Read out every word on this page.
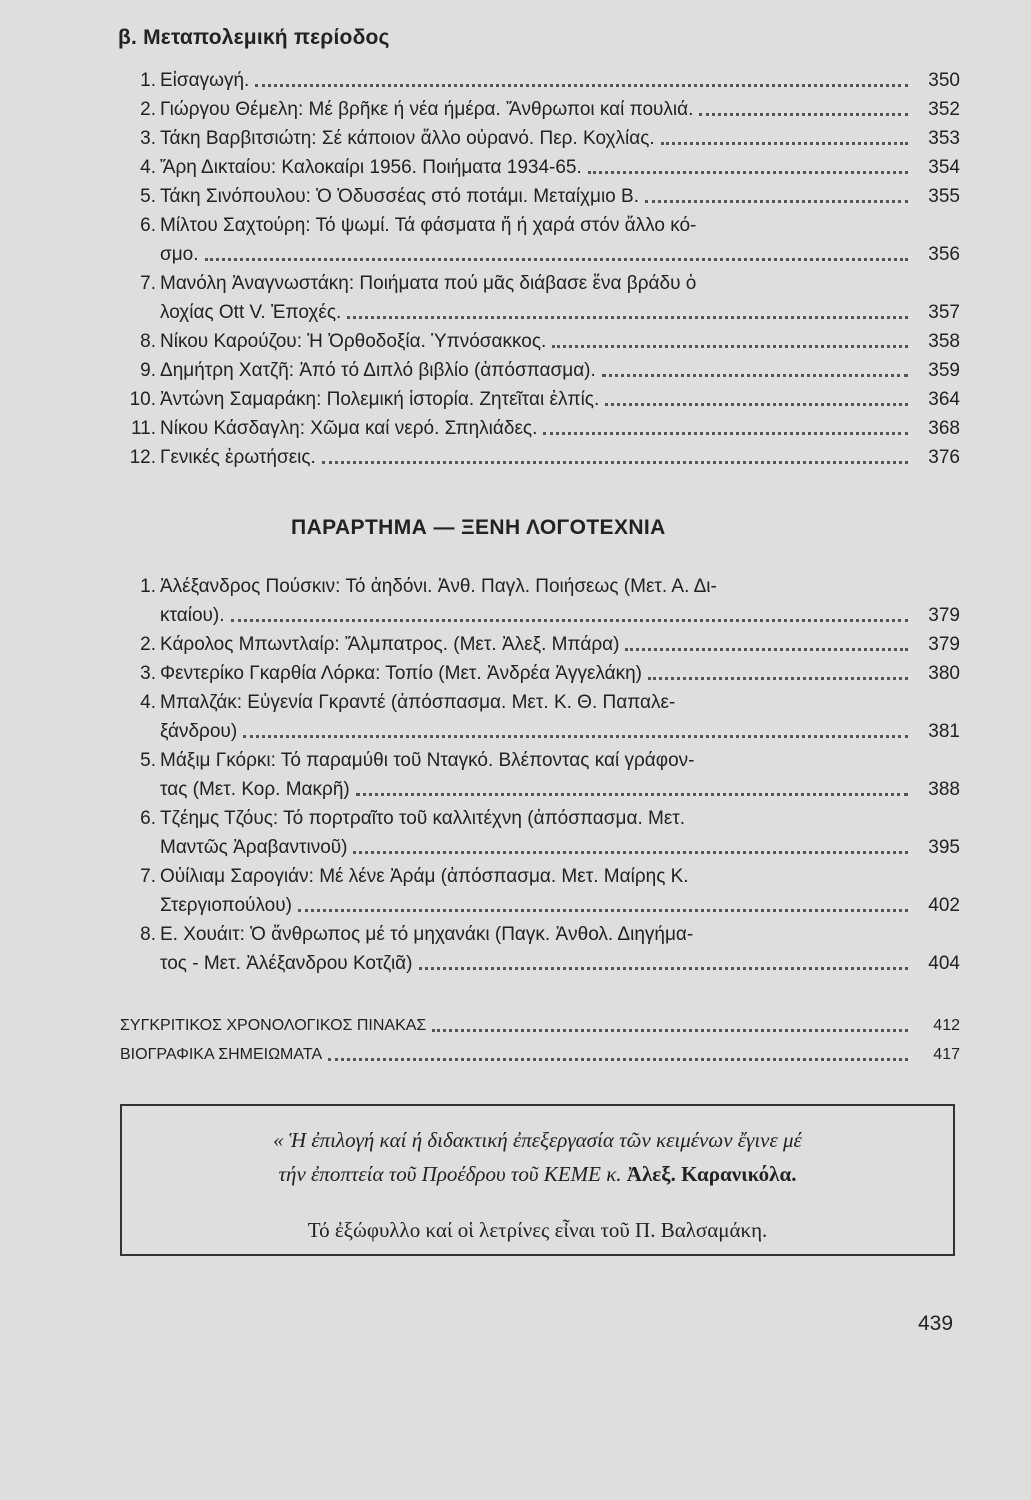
β. Μεταπολεμική περίοδος
1. Εἰσαγωγή.	350
2. Γιώργου Θέμελη: Μέ βρῆκε ή νέα ήμέρα. Ἄνθρωποι καί πουλιά.	352
3. Τάκη Βαρβιτσιώτη: Σέ κάποιον ἄλλο οὐρανό. Περ. Κοχλίας.	353
4. Ἄρη Δικταίου: Καλοκαίρι 1956. Ποιήματα 1934-65.	354
5. Τάκη Σινόπουλου: Ὁ Ὀδυσσέας στό ποτάμι. Μεταίχμιο Β.	355
6. Μίλτου Σαχτούρη: Τό ψωμί. Τά φάσματα ἤ ή χαρά στόν ἄλλο κό-
σμο.	356
7. Μανόλη Ἀναγνωστάκη: Ποιήματα πού μᾶς διάβασε ἕνα βράδυ ὁ
λοχίας Ott V. Ἐποχές.	357
8. Νίκου Καρούζου: Ἡ Ὀρθοδοξία. Ὑπνόσακκος.	358
9. Δημήτρη Χατζῆ: Ἀπό τό Διπλό βιβλίο (ἀπόσπασμα).	359
10. Ἀντώνη Σαμαράκη: Πολεμική ἱστορία. Ζητεῖται ἐλπίς.	364
11. Νίκου Κάσδαγλη: Χῶμα καί νερό. Σπηλιάδες.	368
12. Γενικές ἐρωτήσεις.	376
ΠΑΡΑΡΤΗΜΑ — ΞΕΝΗ ΛΟΓΟΤΕΧΝΙΑ
1. Ἀλέξανδρος Πούσκιν: Τό ἀηδόνι. Ἀνθ. Παγλ. Ποιήσεως (Μετ. Α. Δι-
κταίου).	379
2. Κάρολος Μπωντλαίρ: Ἄλμπατρος. (Μετ. Ἀλεξ. Μπάρα)	379
3. Φεντερίκο Γκαρθία Λόρκα: Τοπίο (Μετ. Ἀνδρέα Ἀγγελάκη)	380
4. Μπαλζάκ: Εὐγενία Γκραντέ (ἀπόσπασμα. Μετ. Κ. Θ. Παπαλε-
ξάνδρου)	381
5. Μάξιμ Γκόρκι: Τό παραμύθι τοῦ Νταγκό. Βλέποντας καί γράφον-
τας (Μετ. Κορ. Μακρῆ)	388
6. Τζέημς Τζόυς: Τό πορτραῖτο τοῦ καλλιτέχνη (ἀπόσπασμα. Μετ.
Μαντῶς Ἀραβαντινοῦ)	395
7. Οὐίλιαμ Σαρογιάν: Μέ λένε Ἀράμ (ἀπόσπασμα. Μετ. Μαίρης Κ.
Στεργιοπούλου)	402
8. Ε. Χουάιτ: Ὁ ἄνθρωπος μέ τό μηχανάκι (Παγκ. Ἀνθολ. Διηγήμα-
τος - Μετ. Ἀλέξανδρου Κοτζιᾶ)	404
ΣΥΓΚΡΙΤΙΚΟΣ ΧΡΟΝΟΛΟΓΙΚΟΣ ΠΙΝΑΚΑΣ	412
ΒΙΟΓΡΑΦΙΚΑ ΣΗΜΕΙΩΜΑΤΑ	417
« Ἡ ἐπιλογή καί ή διδακτική ἐπεξεργασία τῶν κειμένων ἔγινε μέ
τήν ἐποπτεία τοῦ Προέδρου τοῦ ΚΕΜΕ κ. Ἀλεξ. Καρανικόλα.
Τό ἐξώφυλλο καί οἱ λετρίνες εἶναι τοῦ Π. Βαλσαμάκη.
439
